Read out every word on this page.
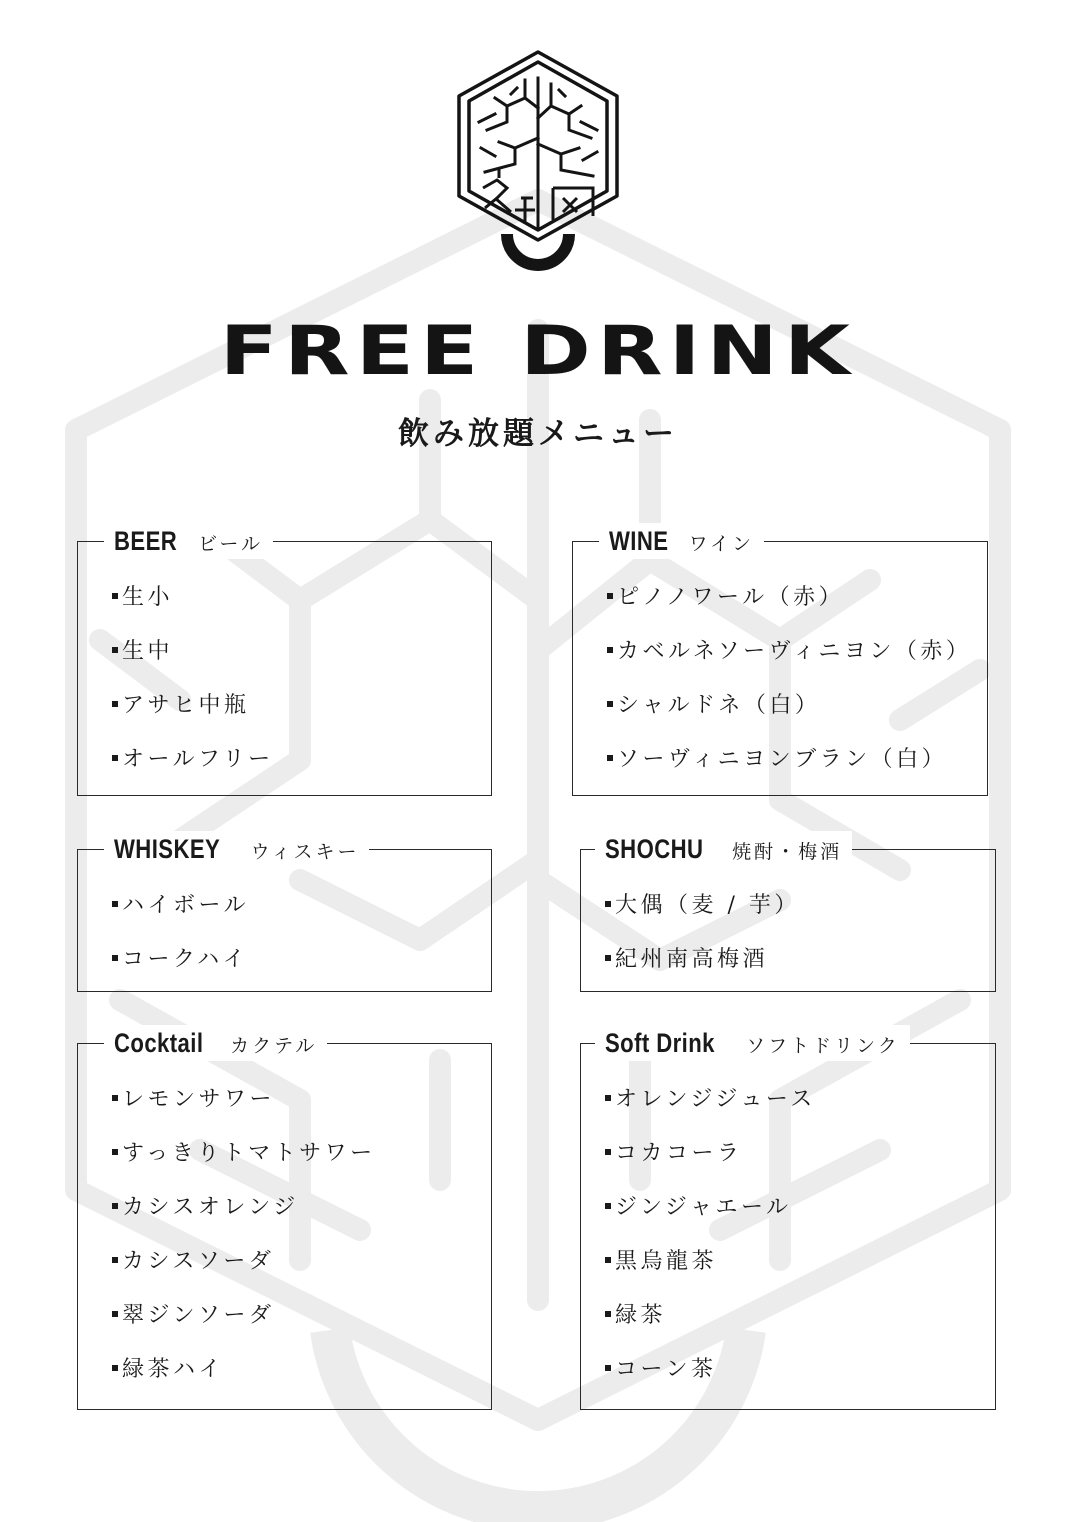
FREE DRINK
飲み放題メニュー
BEER ビール
生小
生中
アサヒ中瓶
オールフリー
WINE ワイン
ピノノワール（赤）
カベルネソーヴィニヨン（赤）
シャルドネ（白）
ソーヴィニヨンブラン（白）
WHISKEY ウィスキー
ハイボール
コークハイ
SHOCHU 焼酎・梅酒
大偶（麦 / 芋）
紀州南高梅酒
Cocktail カクテル
レモンサワー
すっきりトマトサワー
カシスオレンジ
カシスソーダ
翠ジンソーダ
緑茶ハイ
Soft Drink ソフトドリンク
オレンジジュース
コカコーラ
ジンジャエール
黒烏龍茶
緑茶
コーン茶
